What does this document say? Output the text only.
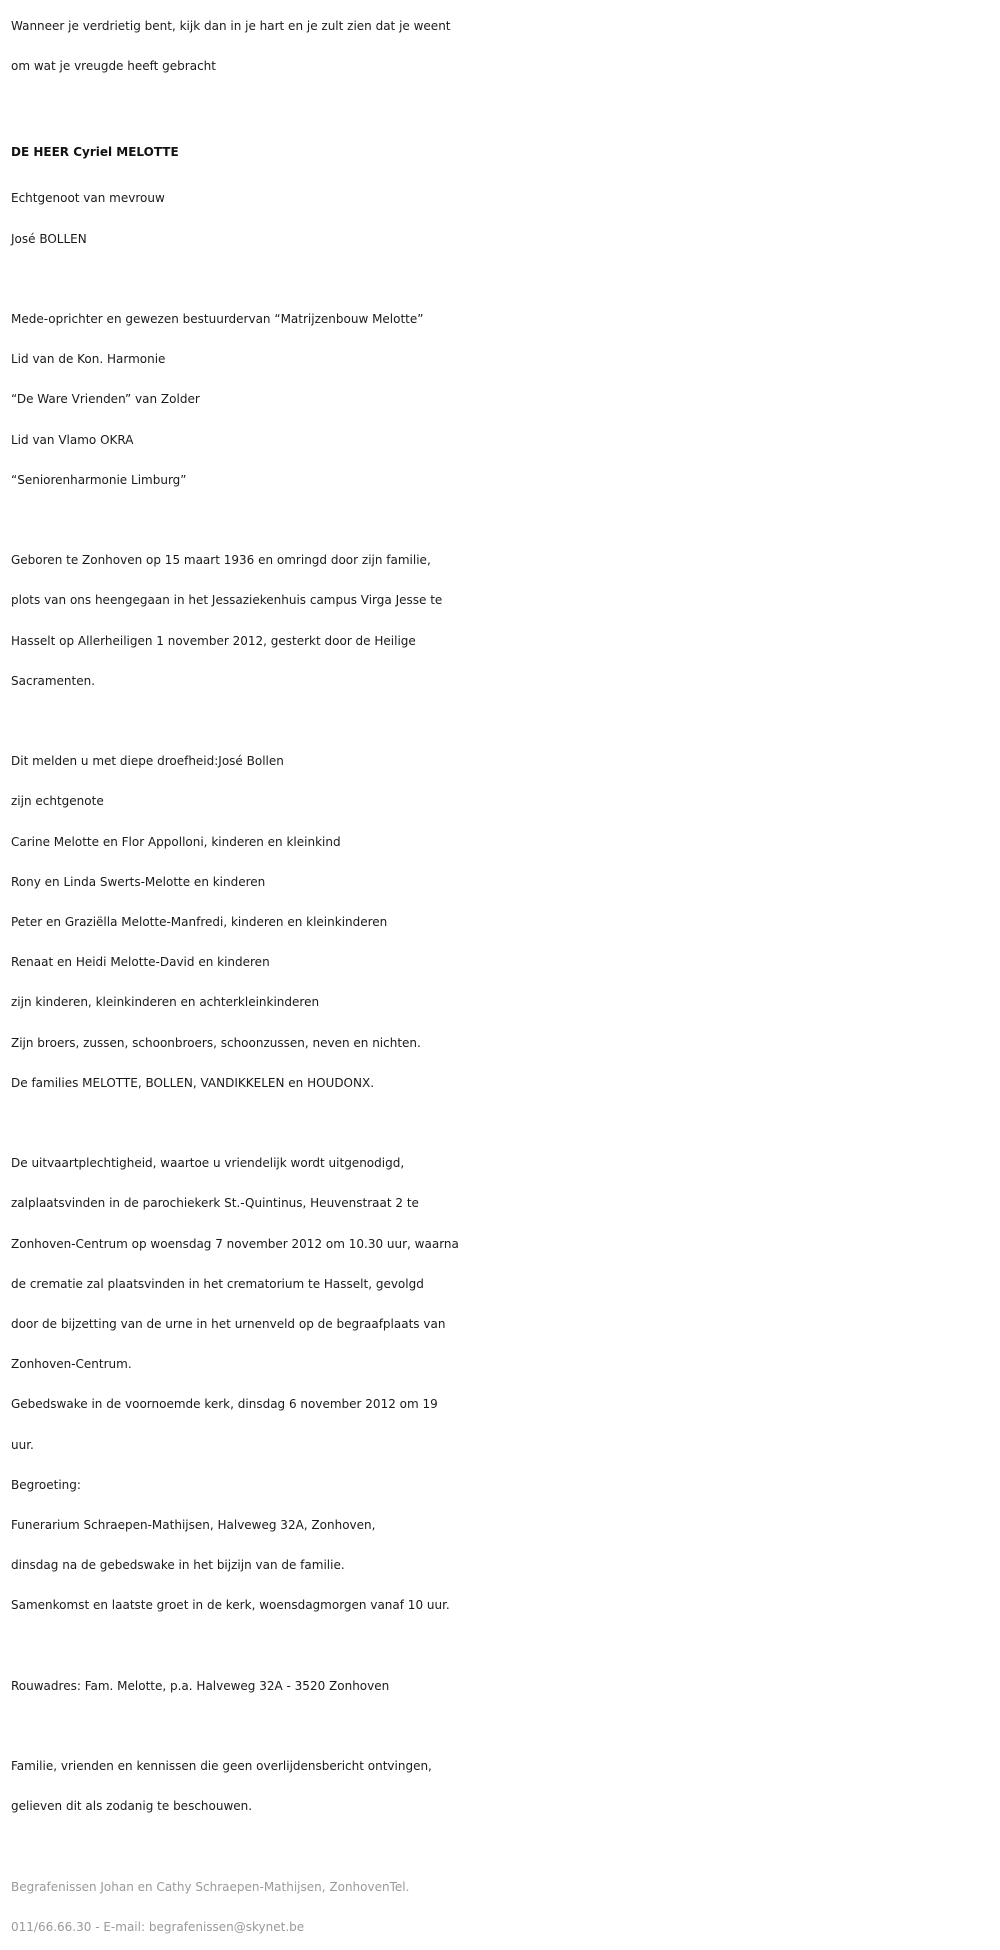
Wanneer je verdrietig bent, kijk dan in je hart en je zult zien dat je weent

om wat je vreugde heeft gebracht

DE HEER Cyriel MELOTTE

Echtgenoot van mevrouw

José BOLLEN

Mede-oprichter en gewezen bestuurdervan “Matrijzenbouw Melotte”

Lid van de Kon. Harmonie

“De Ware Vrienden” van Zolder

Lid van Vlamo OKRA

“Seniorenharmonie Limburg”

Geboren te Zonhoven op 15 maart 1936 en omringd door zijn familie,

plots van ons heengegaan in het Jessaziekenhuis campus Virga Jesse te

Hasselt op Allerheiligen 1 november 2012, gesterkt door de Heilige

Sacramenten.

Dit melden u met diepe droefheid:José Bollen

zijn echtgenote

Carine Melotte en Flor Appolloni, kinderen en kleinkind

Rony en Linda Swerts-Melotte en kinderen

Peter en Graziëlla Melotte-Manfredi, kinderen en kleinkinderen

Renaat en Heidi Melotte-David en kinderen

zijn kinderen, kleinkinderen en achterkleinkinderen

Zijn broers, zussen, schoonbroers, schoonzussen, neven en nichten.

De families MELOTTE, BOLLEN, VANDIKKELEN en HOUDONX.

De uitvaartplechtigheid, waartoe u vriendelijk wordt uitgenodigd,

zalplaatsvinden in de parochiekerk St.-Quintinus, Heuvenstraat 2 te

Zonhoven-Centrum op woensdag 7 november 2012 om 10.30 uur, waarna

de crematie zal plaatsvinden in het crematorium te Hasselt, gevolgd

door de bijzetting van de urne in het urnenveld op de begraafplaats van

Zonhoven-Centrum.

Gebedswake in de voornoemde kerk, dinsdag 6 november 2012 om 19

uur.

Begroeting:

Funerarium Schraepen-Mathijsen, Halveweg 32A, Zonhoven,

dinsdag na de gebedswake in het bijzijn van de familie.

Samenkomst en laatste groet in de kerk, woensdagmorgen vanaf 10 uur.

Rouwadres: Fam. Melotte, p.a. Halveweg 32A - 3520 Zonhoven

Familie, vrienden en kennissen die geen overlijdensbericht ontvingen,

gelieven dit als zodanig te beschouwen.

Begrafenissen Johan en Cathy Schraepen-Mathijsen, ZonhovenTel.

011/66.66.30 - E-mail: begrafenissen@skynet.be
